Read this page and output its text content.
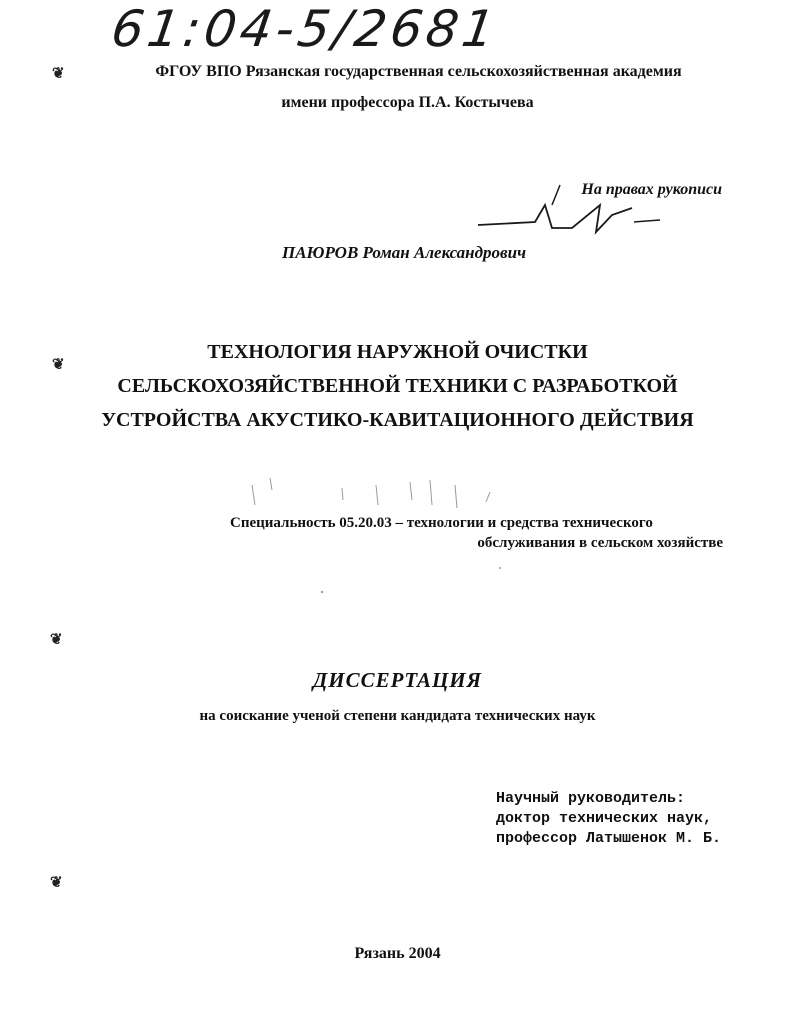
61:04-5/2681
❦
❦
❦
❦
ФГОУ ВПО Рязанская государственная сельскохозяйственная академия
имени профессора П.А. Костычева
На правах рукописи
ПАЮРОВ Роман Александрович
ТЕХНОЛОГИЯ НАРУЖНОЙ ОЧИСТКИ
СЕЛЬСКОХОЗЯЙСТВЕННОЙ ТЕХНИКИ С РАЗРАБОТКОЙ
УСТРОЙСТВА АКУСТИКО-КАВИТАЦИОННОГО ДЕЙСТВИЯ
Специальность 05.20.03 – технологии и средства технического
обслуживания в сельском хозяйстве
ДИССЕРТАЦИЯ
на соискание ученой степени кандидата технических наук
Научный руководитель:
доктор технических наук,
профессор Латышенок М. Б.
Рязань 2004
